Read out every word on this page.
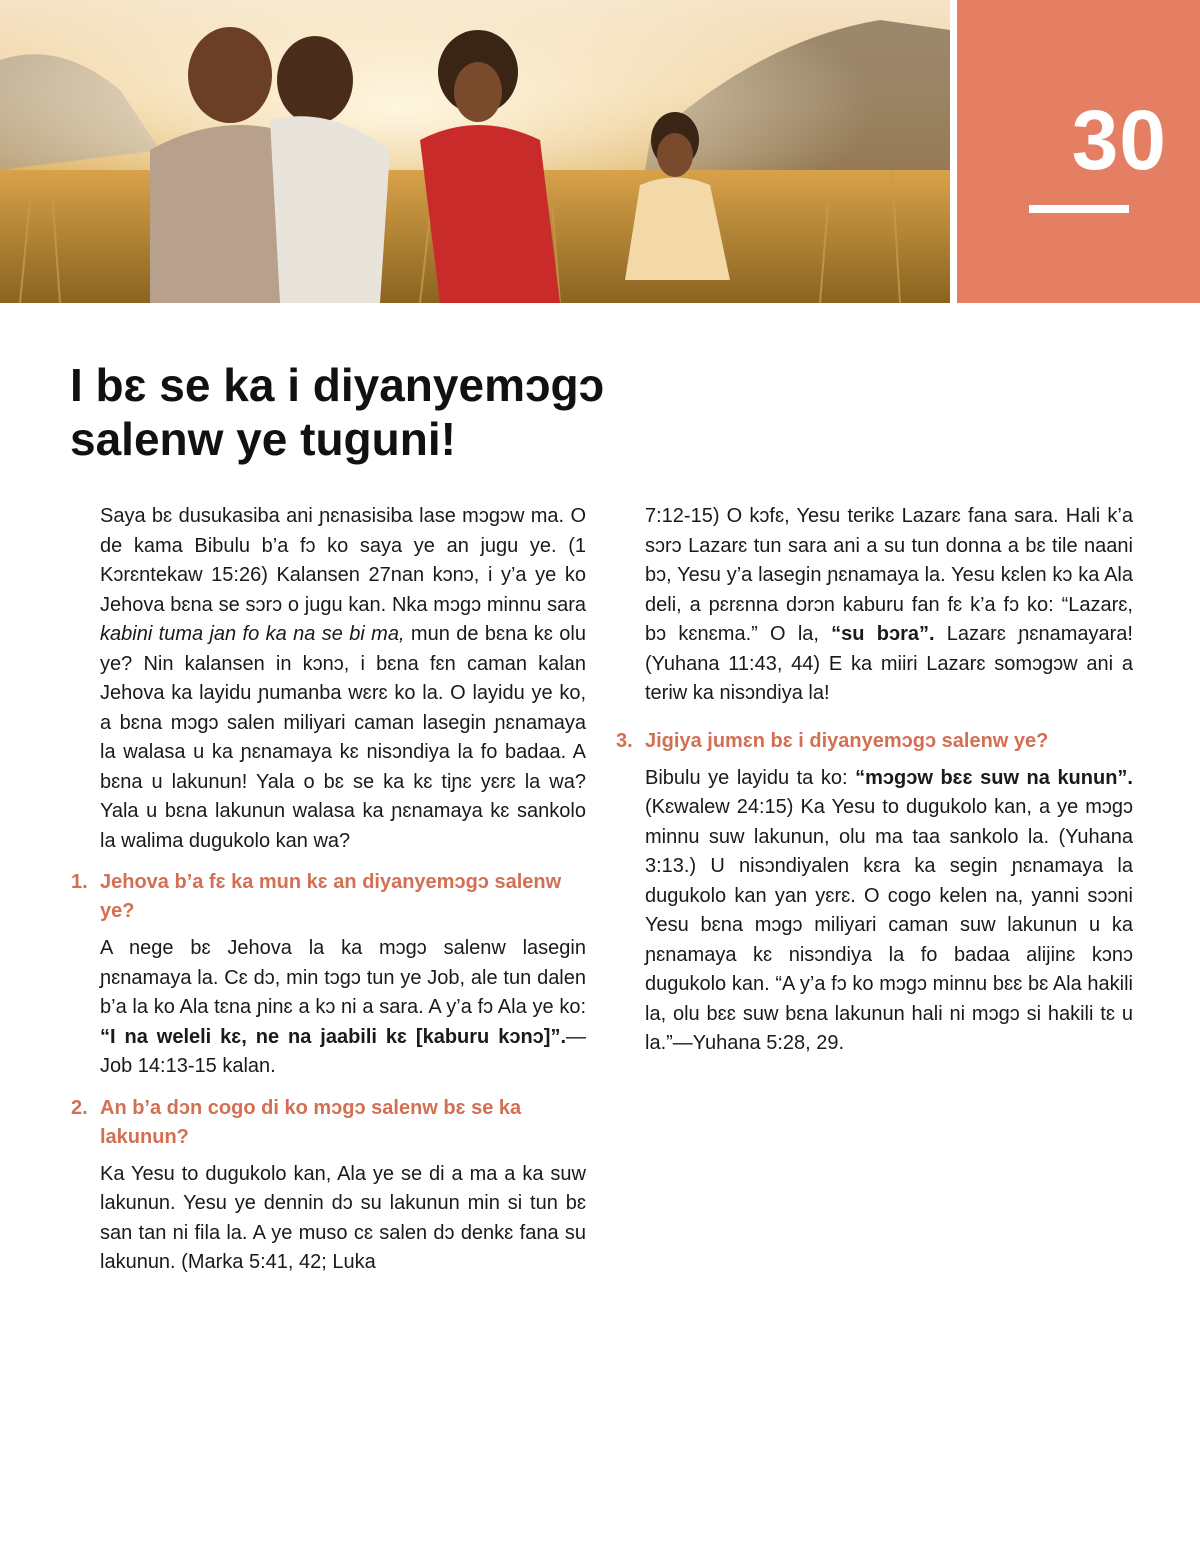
30
I bɛ se ka i diyanyemɔgɔ
salenw ye tuguni!

Saya bɛ dusukasiba ani ɲɛnasisiba lase mɔgɔw ma. O de kama Bibulu b’a fɔ ko saya ye an jugu ye. (1 Kɔrɛntekaw 15:26) Kalansen 27nan kɔnɔ, i y’a ye ko Jehova bɛna se sɔrɔ o jugu kan. Nka mɔgɔ minnu sara kabini tuma jan fo ka na se bi ma, mun de bɛna kɛ olu ye? Nin kalansen in kɔnɔ, i bɛna fɛn caman kalan Jehova ka layidu ɲumanba wɛrɛ ko la. O layidu ye ko, a bɛna mɔgɔ salen miliyari caman lasegin ɲɛnamaya la walasa u ka ɲɛnamaya kɛ nisɔndiya la fo badaa. A bɛna u lakunun! Yala o bɛ se ka kɛ tiɲɛ yɛrɛ la wa? Yala u bɛna lakunun walasa ka ɲɛnamaya kɛ sankolo la walima dugukolo kan wa?

1. Jehova b’a fɛ ka mun kɛ an diyanyemɔgɔ salenw ye?

A nege bɛ Jehova la ka mɔgɔ salenw lasegin ɲɛnamaya la. Cɛ dɔ, min tɔgɔ tun ye Job, ale tun dalen b’a la ko Ala tɛna ɲinɛ a kɔ ni a sara. A y’a fɔ Ala ye ko: “I na weleli kɛ, ne na jaabili kɛ [kaburu kɔnɔ]”.—Job 14:13-15 kalan.

2. An b’a dɔn cogo di ko mɔgɔ salenw bɛ se ka lakunun?

Ka Yesu to dugukolo kan, Ala ye se di a ma a ka suw lakunun. Yesu ye dennin dɔ su lakunun min si tun bɛ san tan ni fila la. A ye muso cɛ salen dɔ denkɛ fana su lakunun. (Marka 5:41, 42; Luka

7:12-15) O kɔfɛ, Yesu terikɛ Lazarɛ fana sara. Hali k’a sɔrɔ Lazarɛ tun sara ani a su tun donna a bɛ tile naani bɔ, Yesu y’a lasegin ɲɛnamaya la. Yesu kɛlen kɔ ka Ala deli, a pɛrɛnna dɔrɔn kaburu fan fɛ k’a fɔ ko: “Lazarɛ, bɔ kɛnɛma.” O la, “su bɔra”. Lazarɛ ɲɛnamayara! (Yuhana 11:43, 44) E ka miiri Lazarɛ somɔgɔw ani a teriw ka nisɔndiya la!

3. Jigiya jumɛn bɛ i diyanyemɔgɔ salenw ye?

Bibulu ye layidu ta ko: “mɔgɔw bɛɛ suw na kunun”. (Kɛwalew 24:15) Ka Yesu to dugukolo kan, a ye mɔgɔ minnu suw lakunun, olu ma taa sankolo la. (Yuhana 3:13.) U nisɔndiyalen kɛra ka segin ɲɛnamaya la dugukolo kan yan yɛrɛ. O cogo kelen na, yanni sɔɔni Yesu bɛna mɔgɔ miliyari caman suw lakunun u ka ɲɛnamaya kɛ nisɔndiya la fo badaa alijinɛ kɔnɔ dugukolo kan. “A y’a fɔ ko mɔgɔ minnu bɛɛ bɛ Ala hakili la, olu bɛɛ suw bɛna lakunun hali ni mɔgɔ si hakili tɛ u la.”—Yuhana 5:28, 29.
